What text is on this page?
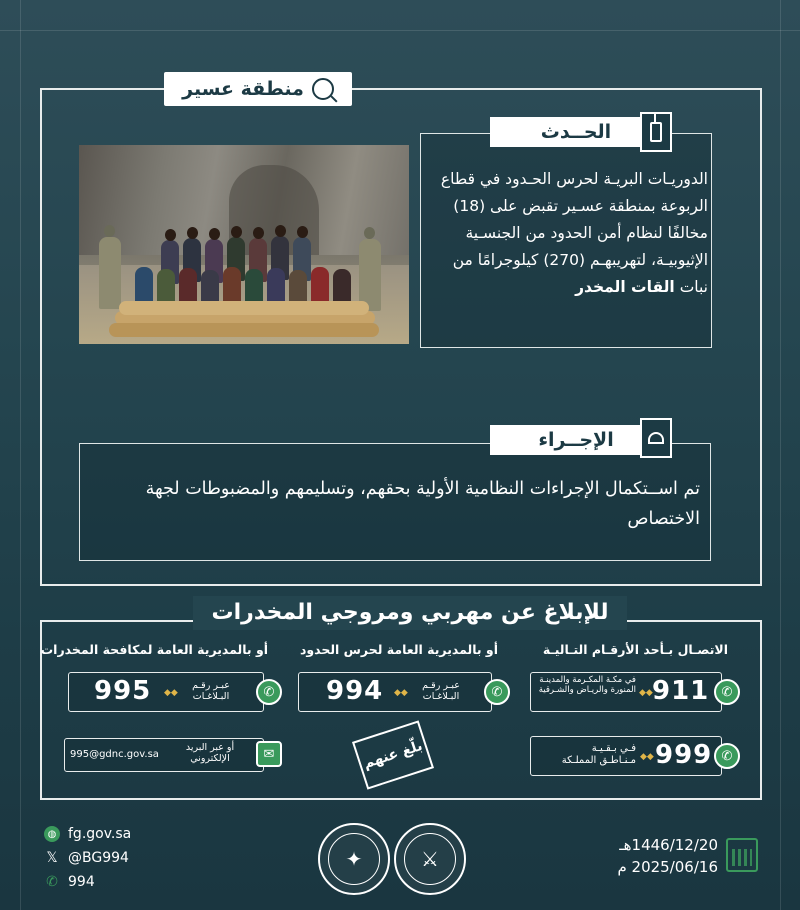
منطقة عسير
الحــدث
الدوريـات البريـة لحرس الحـدود في قطاع الربوعة بمنطقة عسـير تقبض على (18) مخالفًا لنظام أمن الحدود من الجنسـية الإثيوبيـة، لتهريبهـم (270) كيلوجرامًا من نبات القات المخدر
الإجــراء
تم اســتكمال الإجراءات النظامية الأولية بحقهم، وتسليمهم والمضبوطات لجهة الاختصاص
للإبلاغ عن مهربي ومروجي المخدرات
الاتصـال بـأحد الأرقـام التـاليـة
أو بالمديرية العامة لحرس الحدود
أو بالمديرية العامة لمكافحة المخدرات
✆
911
◆◆
في مكـة المكـرمة والمدينـة المنورة والريـاض والشـرقية
✆
999
◆◆
فـي بـقـيـة مـنـاطـق المملـكة
✆
عبـر رقـم البـلاغـات
◆◆
994
✆
عبـر رقـم البـلاغـات
◆◆
995
✉
أو عبر البريد الإلكتروني
995@gdnc.gov.sa	بلّغ عنهم
◍ fg.gov.sa
𝕏 @BG994
✆ 994
✦	⚔
1446/12/20هـ
2025/06/16 م
